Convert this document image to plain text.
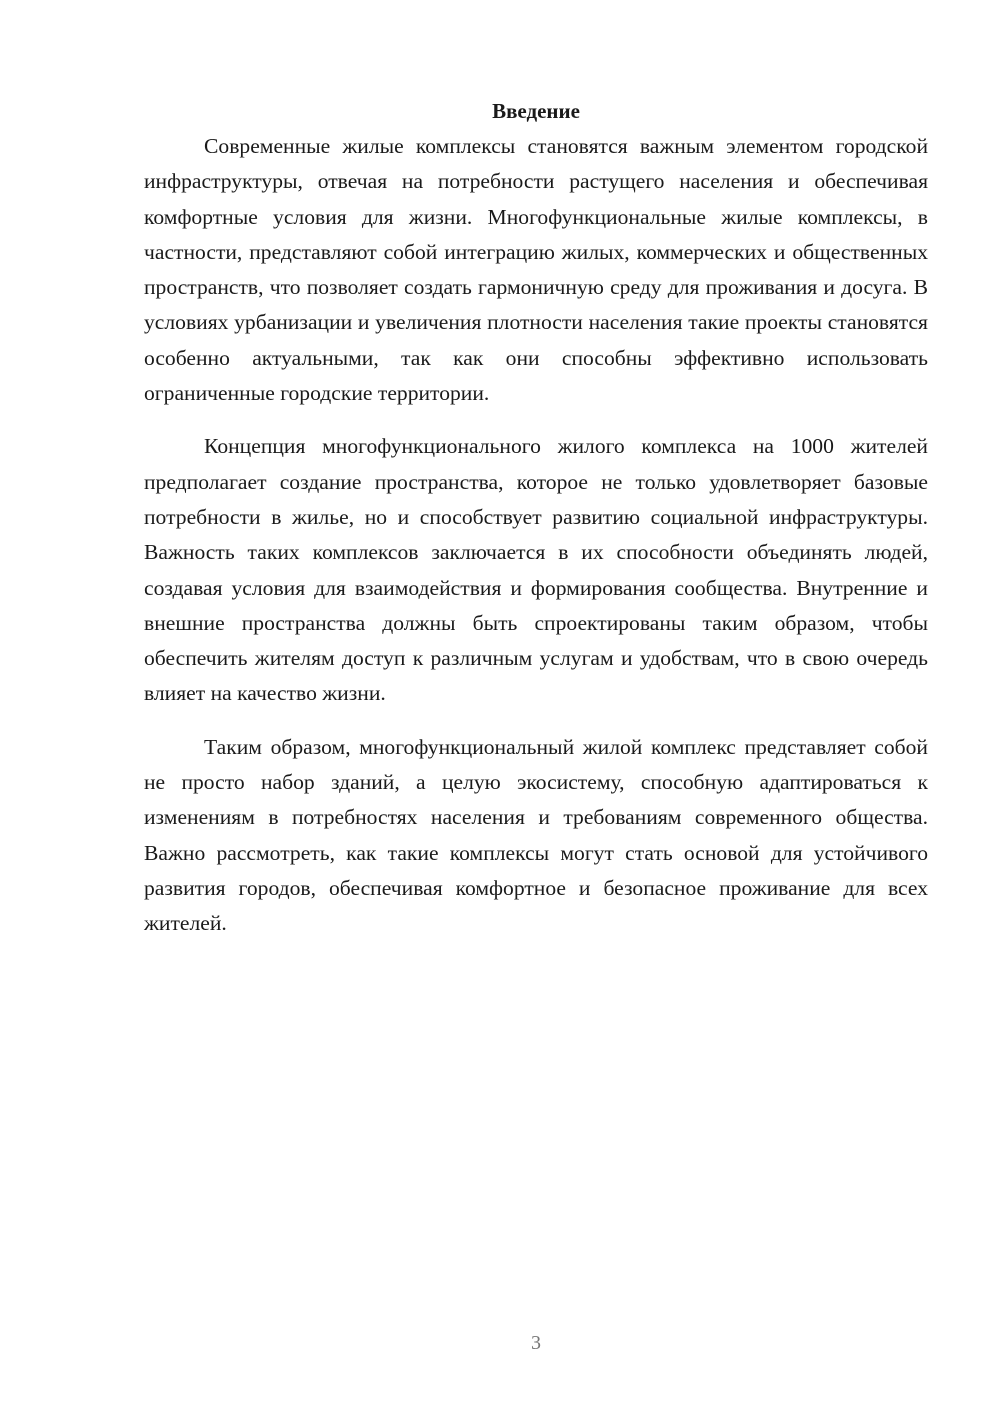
Введение

Современные жилые комплексы становятся важным элементом городской инфраструктуры, отвечая на потребности растущего населения и обеспечивая комфортные условия для жизни. Многофункциональные жилые комплексы, в частности, представляют собой интеграцию жилых, коммерческих и общественных пространств, что позволяет создать гармоничную среду для проживания и досуга. В условиях урбанизации и увеличения плотности населения такие проекты становятся особенно актуальными, так как они способны эффективно использовать ограниченные городские территории.

Концепция многофункционального жилого комплекса на 1000 жителей предполагает создание пространства, которое не только удовлетворяет базовые потребности в жилье, но и способствует развитию социальной инфраструктуры. Важность таких комплексов заключается в их способности объединять людей, создавая условия для взаимодействия и формирования сообщества. Внутренние и внешние пространства должны быть спроектированы таким образом, чтобы обеспечить жителям доступ к различным услугам и удобствам, что в свою очередь влияет на качество жизни.

Таким образом, многофункциональный жилой комплекс представляет собой не просто набор зданий, а целую экосистему, способную адаптироваться к изменениям в потребностях населения и требованиям современного общества. Важно рассмотреть, как такие комплексы могут стать основой для устойчивого развития городов, обеспечивая комфортное и безопасное проживание для всех жителей.

3
